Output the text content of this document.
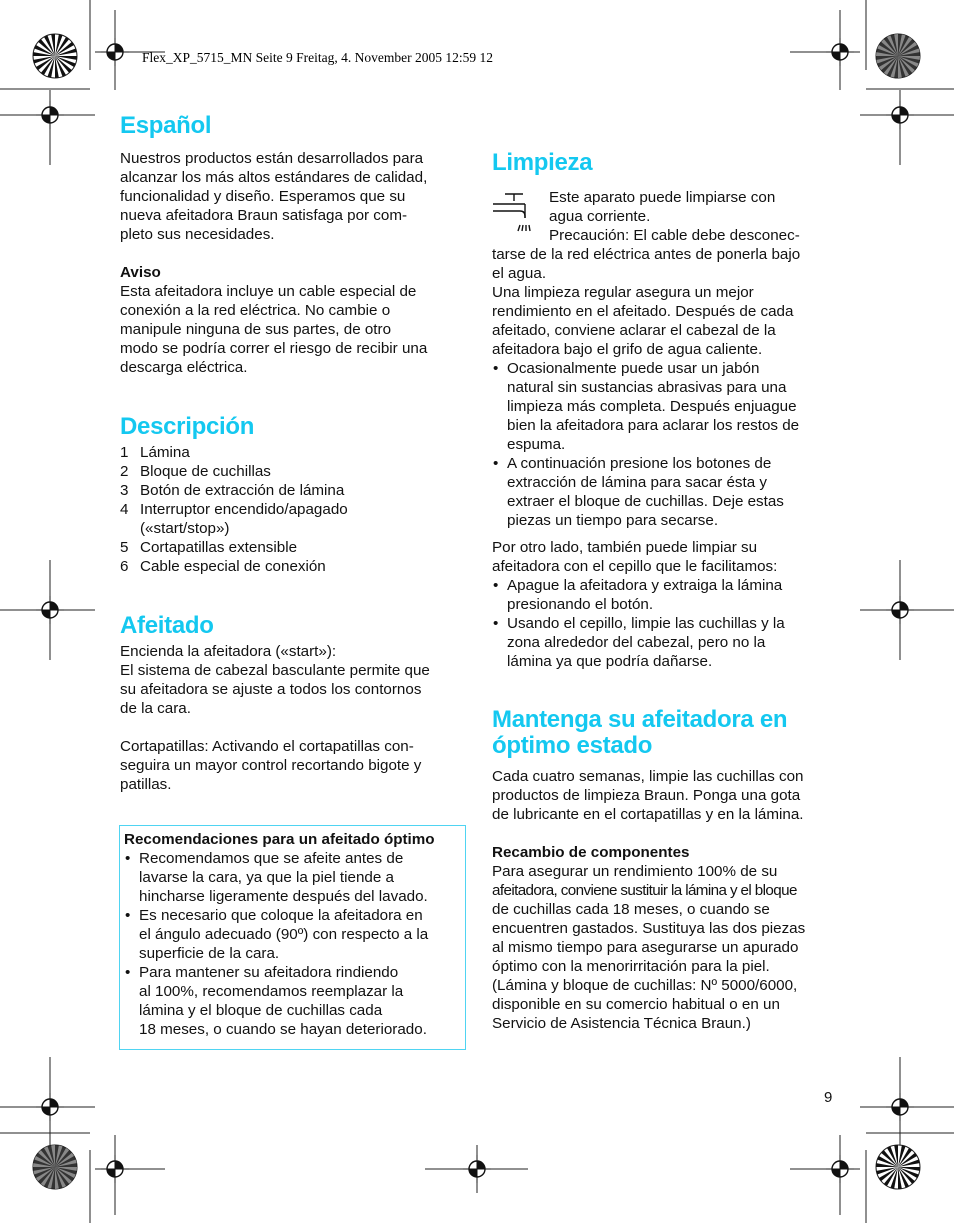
Flex_XP_5715_MN Seite 9 Freitag, 4. November 2005 12:59 12
Español

Nuestros productos están desarrollados para

alcanzar los más altos estándares de calidad,

funcionalidad y diseño. Esperamos que su

nueva afeitadora Braun satisfaga por com-

pleto sus necesidades.

Aviso

Esta afeitadora incluye un cable especial de

conexión a la red eléctrica. No cambie o

manipule ninguna de sus partes, de otro

modo se podría correr el riesgo de recibir una

descarga eléctrica.

Descripción
1 Lámina
2 Bloque de cuchillas
3 Botón de extracción de lámina
4 Interruptor encendido/apagado
(«start/stop»)
5 Cortapatillas extensible
6 Cable especial de conexión
Afeitado

Encienda la afeitadora («start»):

El sistema de cabezal basculante permite que

su afeitadora se ajuste a todos los contornos

de la cara.

Cortapatillas: Activando el cortapatillas con-

seguira un mayor control recortando bigote y

patillas.

Recomendaciones para un afeitado óptimo

• Recomendamos que se afeite antes de
lavarse la cara, ya que la piel tiende a
hincharse ligeramente después del lavado.
• Es necesario que coloque la afeitadora en
el ángulo adecuado (90º) con respecto a la
superficie de la cara.
• Para mantener su afeitadora rindiendo
al 100%, recomendamos reemplazar la
lámina y el bloque de cuchillas cada
18 meses, o cuando se hayan deteriorado.
Limpieza

Este aparato puede limpiarse con

agua corriente.

Precaución: El cable debe desconec-

tarse de la red eléctrica antes de ponerla bajo

el agua.

Una limpieza regular asegura un mejor

rendimiento en el afeitado. Después de cada

afeitado, conviene aclarar el cabezal de la

afeitadora bajo el grifo de agua caliente.

• Ocasionalmente puede usar un jabón
natural sin sustancias abrasivas para una
limpieza más completa. Después enjuague
bien la afeitadora para aclarar los restos de
espuma.
• A continuación presione los botones de
extracción de lámina para sacar ésta y
extraer el bloque de cuchillas. Deje estas
piezas un tiempo para secarse.

Por otro lado, también puede limpiar su

afeitadora con el cepillo que le facilitamos:

• Apague la afeitadora y extraiga la lámina
presionando el botón.
• Usando el cepillo, limpie las cuchillas y la
zona alrededor del cabezal, pero no la
lámina ya que podría dañarse.
Mantenga su afeitadora en
óptimo estado

Cada cuatro semanas, limpie las cuchillas con

productos de limpieza Braun. Ponga una gota

de lubricante en el cortapatillas y en la lámina.

Recambio de componentes

Para asegurar un rendimiento 100% de su

afeitadora, conviene sustituir la lámina y el bloque

de cuchillas cada 18 meses, o cuando se

encuentren gastados. Sustituya las dos piezas

al mismo tiempo para asegurarse un apurado

óptimo con la menorirritación para la piel.

(Lámina y bloque de cuchillas: Nº 5000/6000,

disponible en su comercio habitual o en un

Servicio de Asistencia Técnica Braun.)

9
